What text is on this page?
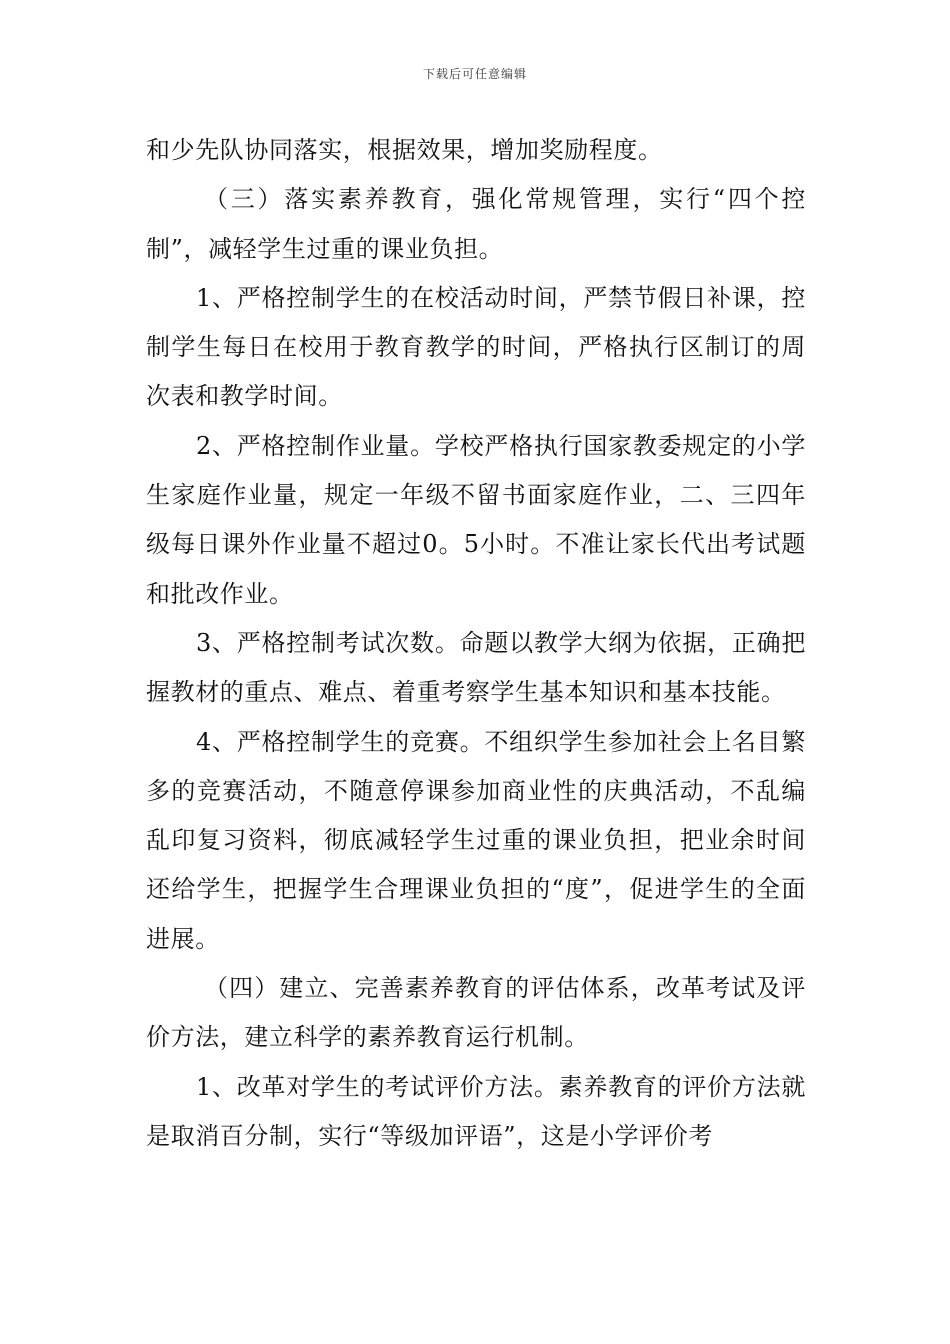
下载后可任意编辑

和少先队协同落实，根据效果，增加奖励程度。

（三）落实素养教育，强化常规管理，实行“四个控制”，减轻学生过重的课业负担。

1、严格控制学生的在校活动时间，严禁节假日补课，控制学生每日在校用于教育教学的时间，严格执行区制订的周次表和教学时间。

2、严格控制作业量。学校严格执行国家教委规定的小学生家庭作业量，规定一年级不留书面家庭作业，二、三四年级每日课外作业量不超过0。5小时。不准让家长代出考试题和批改作业。

3、严格控制考试次数。命题以教学大纲为依据，正确把握教材的重点、难点、着重考察学生基本知识和基本技能。

4、严格控制学生的竞赛。不组织学生参加社会上名目繁多的竞赛活动，不随意停课参加商业性的庆典活动，不乱编乱印复习资料，彻底减轻学生过重的课业负担，把业余时间还给学生，把握学生合理课业负担的“度”，促进学生的全面进展。

（四）建立、完善素养教育的评估体系，改革考试及评价方法，建立科学的素养教育运行机制。

1、改革对学生的考试评价方法。素养教育的评价方法就是取消百分制，实行“等级加评语”，这是小学评价考
